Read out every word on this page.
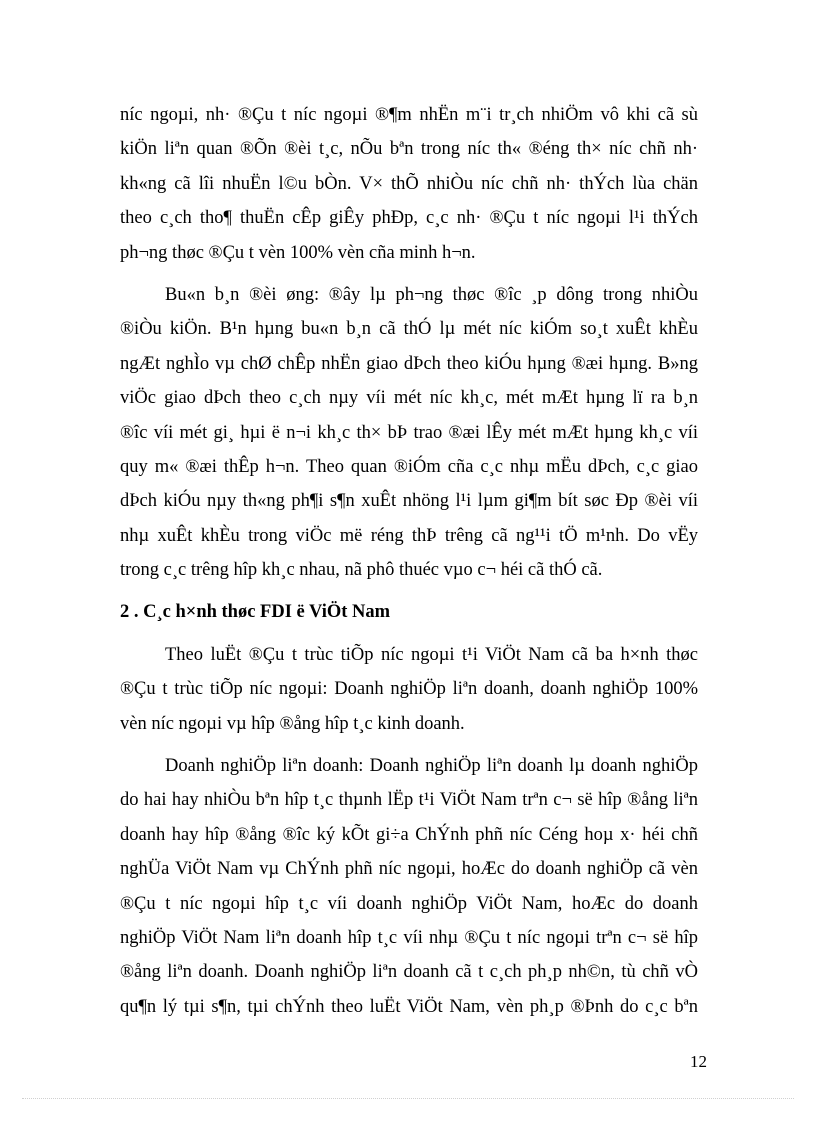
níc ngoµi, nh· ®Çu t níc ngoµi ®¶m nhËn m¨i tr¸ch nhiÖm vô khi cã sù
kiÖn liªn quan ®Õn ®èi t¸c, nÕu bªn trong níc th« ®éng th× níc chñ nh·
kh«ng cã lîi nhuËn l©u bÒn. V× thÕ nhiÒu níc chñ nh· thÝch lùa chän
theo c¸ch tho¶ thuËn cÊp giÊy phÐp, c¸c nh· ®Çu t níc ngoµi l¹i thÝch
ph¬ng thøc ®Çu t vèn 100% vèn cña minh h¬n.
Bu«n b¸n ®èi øng: ®ây lµ ph¬ng thøc ®îc ¸p dông trong nhiÒu
®iÒu kiÖn. B¹n hµng bu«n b¸n cã thÓ lµ mét níc kiÓm so¸t xuÊt khÈu
ngÆt nghÌo vµ chØ chÊp nhËn giao dÞch theo kiÓu hµng ®æi hµng. B»ng
viÖc giao dÞch theo c¸ch nµy víi mét níc kh¸c, mét mÆt hµng lï ra b¸n
®îc víi mét gi¸ hµi ë n¬i kh¸c th× bÞ trao ®æi lÊy mét mÆt hµng kh¸c víi
quy m« ®æi thÊp h¬n. Theo quan ®iÓm cña c¸c nhµ mËu dÞch, c¸c giao
dÞch kiÓu nµy th«ng ph¶i s¶n xuÊt nhöng l¹i lµm gi¶m bít søc Ðp ®èi víi
nhµ xuÊt khÈu trong viÖc më réng thÞ trêng cã ng¹¹i tÖ m¹nh. Do vËy
trong c¸c trêng hîp kh¸c nhau, nã phô thuéc vµo c¬ héi cã thÓ cã.
2 . C¸c h×nh thøc FDI ë ViÖt Nam
Theo luËt ®Çu t trùc tiÕp níc ngoµi t¹i ViÖt Nam cã ba h×nh thøc
®Çu t trùc tiÕp níc ngoµi: Doanh nghiÖp liªn doanh, doanh nghiÖp 100%
vèn níc ngoµi vµ hîp ®ång hîp t¸c kinh doanh.
Doanh nghiÖp liªn doanh: Doanh nghiÖp liªn doanh lµ doanh nghiÖp
do hai hay nhiÒu bªn hîp t¸c thµnh lËp t¹i ViÖt Nam trªn c¬ së hîp ®ång liªn
doanh hay hîp ®ång ®îc ký kÕt gi÷a ChÝnh phñ níc Céng hoµ x· héi chñ
nghÜa ViÖt Nam vµ ChÝnh phñ níc ngoµi, hoÆc do doanh nghiÖp cã vèn
®Çu t níc ngoµi hîp t¸c víi doanh nghiÖp ViÖt Nam, hoÆc do doanh
nghiÖp ViÖt Nam liªn doanh hîp t¸c víi nhµ ®Çu t níc ngoµi trªn c¬ së hîp
®ång liªn doanh. Doanh nghiÖp liªn doanh cã t c¸ch ph¸p nh©n, tù chñ vÒ
qu¶n lý tµi s¶n, tµi chÝnh theo luËt ViÖt Nam, vèn ph¸p ®Þnh do c¸c bªn
12
